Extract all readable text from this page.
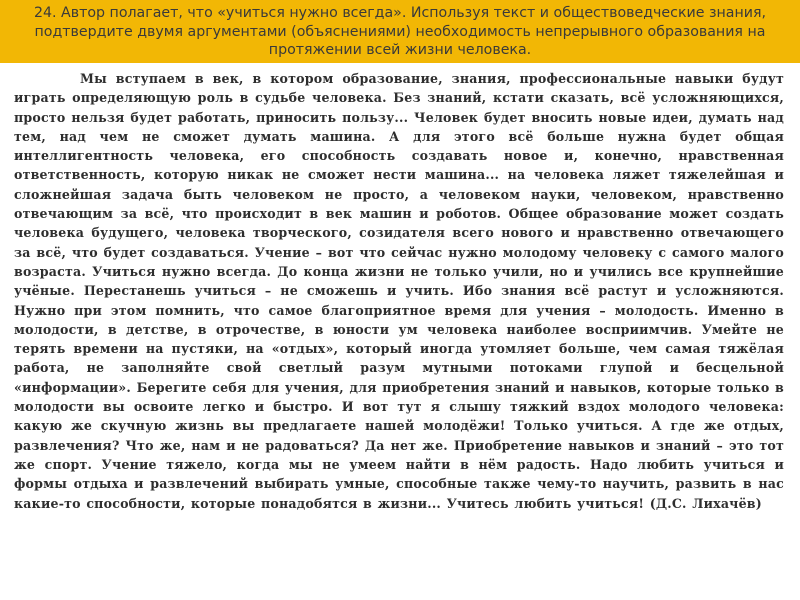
24. Автор полагает, что «учиться нужно всегда». Используя текст и обществоведческие знания, подтвердите двумя аргументами (объяснениями) необходимость непрерывного образования на протяжении всей жизни человека.

Мы вступаем в век, в котором образование, знания, профессиональные навыки будут играть определяющую роль в судьбе человека. Без знаний, кстати сказать, всё усложняющихся, просто нельзя будет работать, приносить пользу... Человек будет вносить новые идеи, думать над тем, над чем не сможет думать машина. А для этого всё больше нужна будет общая интеллигентность человека, его способность создавать новое и, конечно, нравственная ответственность, которую никак не сможет нести машина... на человека ляжет тяжелейшая и сложнейшая задача быть человеком не просто, а человеком науки, человеком, нравственно отвечающим за всё, что происходит в век машин и роботов. Общее образование может создать человека будущего, человека творческого, созидателя всего нового и нравственно отвечающего за всё, что будет создаваться. Учение – вот что сейчас нужно молодому человеку с самого малого возраста. Учиться нужно всегда. До конца жизни не только учили, но и учились все крупнейшие учёные. Перестанешь учиться – не сможешь и учить. Ибо знания всё растут и усложняются. Нужно при этом помнить, что самое благоприятное время для учения – молодость. Именно в молодости, в детстве, в отрочестве, в юности ум человека наиболее восприимчив. Умейте не терять времени на пустяки, на «отдых», который иногда утомляет больше, чем самая тяжёлая работа, не заполняйте свой светлый разум мутными потоками глупой и бесцельной «информации». Берегите себя для учения, для приобретения знаний и навыков, которые только в молодости вы освоите легко и быстро. И вот тут я слышу тяжкий вздох молодого человека: какую же скучную жизнь вы предлагаете нашей молодёжи! Только учиться. А где же отдых, развлечения? Что же, нам и не радоваться? Да нет же. Приобретение навыков и знаний – это тот же спорт. Учение тяжело, когда мы не умеем найти в нём радость. Надо любить учиться и формы отдыха и развлечений выбирать умные, способные также чему-то научить, развить в нас какие-то способности, которые понадобятся в жизни... Учитесь любить учиться! (Д.С. Лихачёв)
